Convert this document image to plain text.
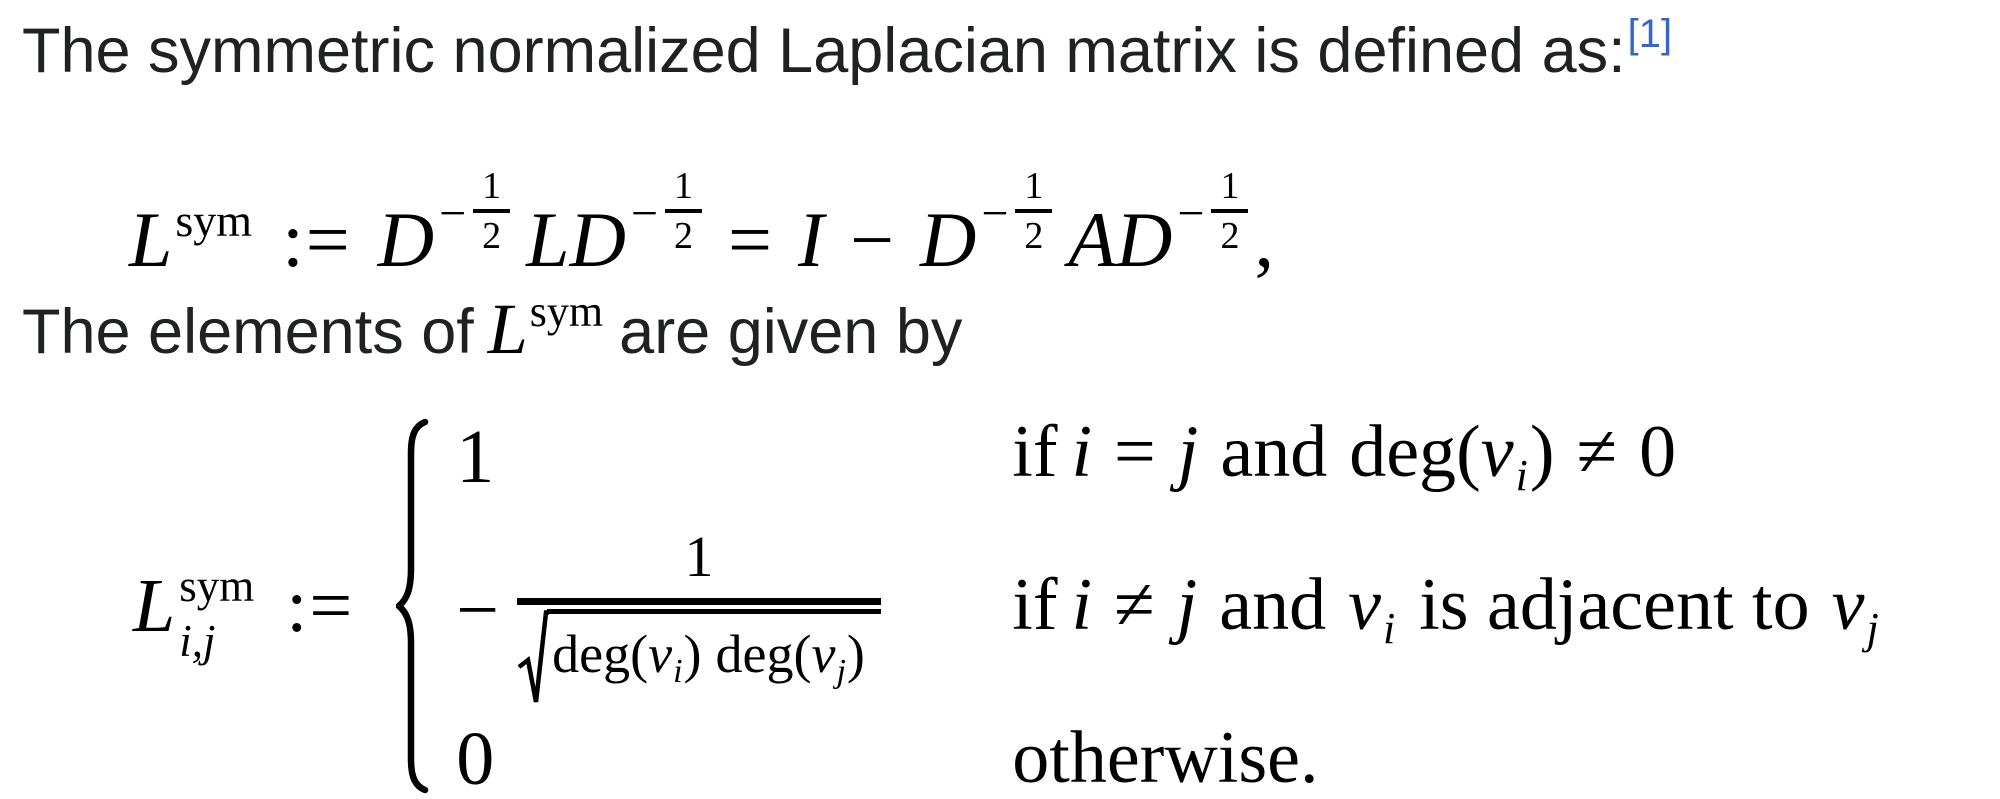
The symmetric normalized Laplacian matrix is defined as:[1]

$L^{sym}$ := $D - \frac{1}{2}$ LD − $\frac{1}{2} = I - D - \frac{1}{2}$ AD − $\frac{1}{2}$ ,

The elements of $L^{sym}$ are given by

L sym
i,j :=
1	if i = j and deg(vi) ≠ 0
−
1
deg(vi) deg(vj)
if i ≠ j and vi is adjacent to vj
0	otherwise.
